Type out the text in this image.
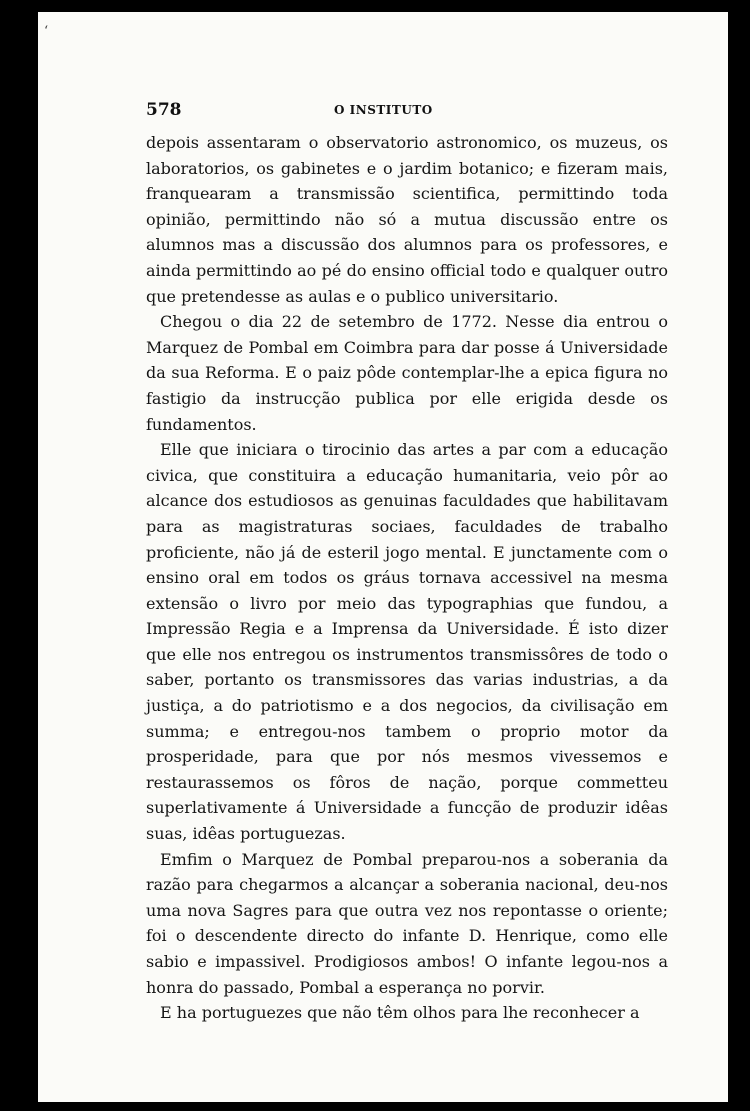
‘
578	O INSTITUTO

depois assentaram o observatorio astronomico, os muzeus, os laboratorios, os gabinetes e o jardim botanico; e fizeram mais, franquearam a transmissão scientifica, permittindo toda opinião, permittindo não só a mutua discussão entre os alumnos mas a discussão dos alumnos para os professores, e ainda permittindo ao pé do ensino official todo e qualquer outro que pretendesse as aulas e o publico universitario.

Chegou o dia 22 de setembro de 1772. Nesse dia entrou o Marquez de Pombal em Coimbra para dar posse á Universidade da sua Reforma. E o paiz pôde contemplar-lhe a epica figura no fastigio da instrucção publica por elle erigida desde os fundamentos.

Elle que iniciara o tirocinio das artes a par com a educação civica, que constituira a educação humanitaria, veio pôr ao alcance dos estudiosos as genuinas faculdades que habilitavam para as magistraturas sociaes, faculdades de trabalho proficiente, não já de esteril jogo mental. E junctamente com o ensino oral em todos os gráus tornava accessivel na mesma extensão o livro por meio das typographias que fundou, a Impressão Regia e a Imprensa da Universidade. É isto dizer que elle nos entregou os instrumentos transmissôres de todo o saber, portanto os transmissores das varias industrias, a da justiça, a do patriotismo e a dos negocios, da civilisação em summa; e entregou-nos tambem o proprio motor da prosperidade, para que por nós mesmos vivessemos e restaurassemos os fôros de nação, porque commetteu superlativamente á Universidade a funcção de produzir idêas suas, idêas portuguezas.

Emfim o Marquez de Pombal preparou-nos a soberania da razão para chegarmos a alcançar a soberania nacional, deu-nos uma nova Sagres para que outra vez nos repontasse o oriente; foi o descendente directo do infante D. Henrique, como elle sabio e impassivel. Prodigiosos ambos! O infante legou-nos a honra do passado, Pombal a esperança no porvir.

E ha portuguezes que não têm olhos para lhe reconhecer a
